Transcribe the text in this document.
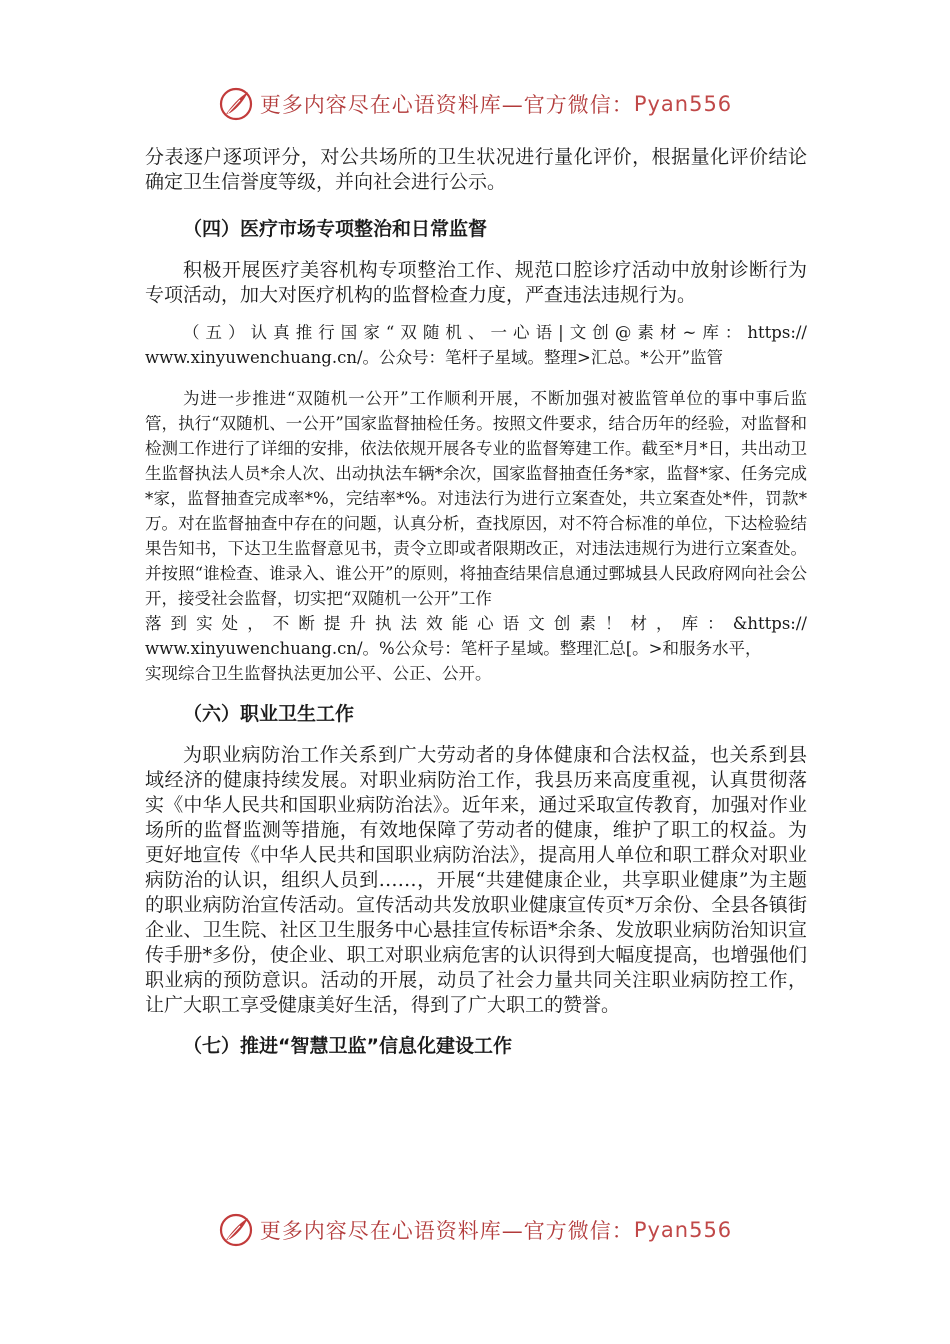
更多内容尽在心语资料库—官方微信： Pyan556

分表逐户逐项评分，对公共场所的卫生状况进行量化评价，根据量化评价结论确定卫生信誉度等级，并向社会进行公示。

（四）医疗市场专项整治和日常监督

积极开展医疗美容机构专项整治工作、规范口腔诊疗活动中放射诊断行为专项活动，加大对医疗机构的监督检查力度，严查违法违规行为。

（五）认真推行国家“双随机、一心语|文创@素材~库：https://

www.xinyuwenchuang.cn/。公众号：笔杆子星域。整理>汇总。*公开”监管

为进一步推进“双随机一公开”工作顺利开展，不断加强对被监管单位的事中事后监管，执行“双随机、一公开”国家监督抽检任务。按照文件要求，结合历年的经验，对监督和检测工作进行了详细的安排，依法依规开展各专业的监督筹建工作。截至*月*日，共出动卫生监督执法人员*余人次、出动执法车辆*余次，国家监督抽查任务*家，监督*家、任务完成*家，监督抽查完成率*%，完结率*%。对违法行为进行立案查处，共立案查处*件，罚款*万。对在监督抽查中存在的问题，认真分析，查找原因，对不符合标准的单位，下达检验结果告知书，下达卫生监督意见书，责令立即或者限期改正，对违法违规行为进行立案查处。并按照“谁检查、谁录入、谁公开”的原则，将抽查结果信息通过鄄城县人民政府网向社会公开，接受社会监督，切实把“双随机一公开”工作

落到实处，不断提升执法效能心语文创素！材，库：&https://

www.xinyuwenchuang.cn/。%公众号：笔杆子星域。整理汇总[。>和服务水平，

实现综合卫生监督执法更加公平、公正、公开。

（六）职业卫生工作

为职业病防治工作关系到广大劳动者的身体健康和合法权益，也关系到县域经济的健康持续发展。对职业病防治工作，我县历来高度重视，认真贯彻落实《中华人民共和国职业病防治法》。近年来，通过采取宣传教育，加强对作业场所的监督监测等措施，有效地保障了劳动者的健康，维护了职工的权益。为更好地宣传《中华人民共和国职业病防治法》，提高用人单位和职工群众对职业病防治的认识，组织人员到……，开展“共建健康企业，共享职业健康”为主题的职业病防治宣传活动。宣传活动共发放职业健康宣传页*万余份、全县各镇街企业、卫生院、社区卫生服务中心悬挂宣传标语*余条、发放职业病防治知识宣传手册*多份，使企业、职工对职业病危害的认识得到大幅度提高，也增强他们职业病的预防意识。活动的开展，动员了社会力量共同关注职业病防控工作，让广大职工享受健康美好生活，得到了广大职工的赞誉。

（七）推进“智慧卫监”信息化建设工作

更多内容尽在心语资料库—官方微信： Pyan556
